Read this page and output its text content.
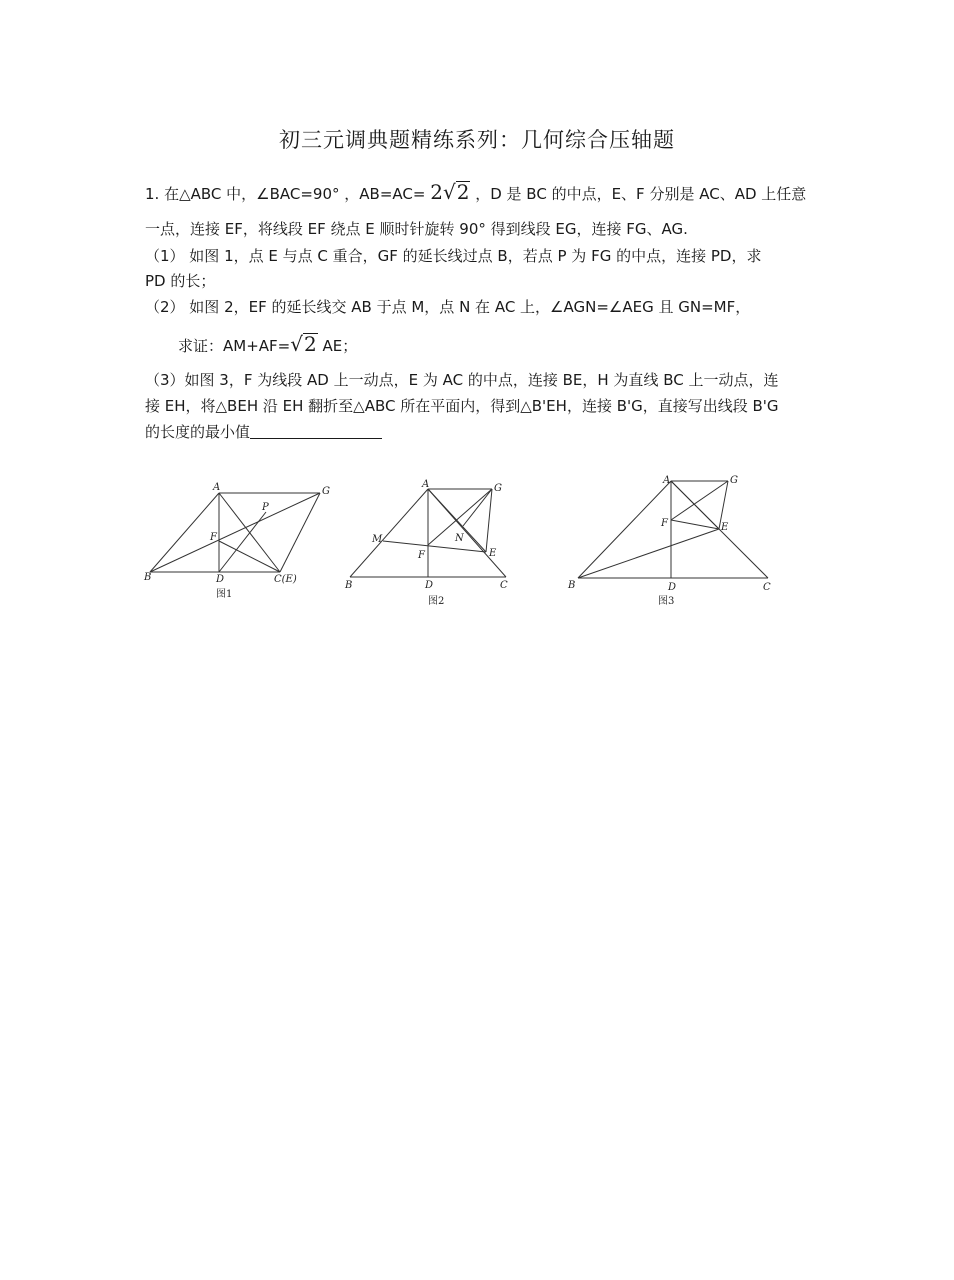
初三元调典题精练系列：几何综合压轴题
1. 在△ABC 中，∠BAC=90° ，AB=AC= 2√2 ，D 是 BC 的中点，E、F 分别是 AC、AD 上任意
一点，连接 EF，将线段 EF 绕点 E 顺时针旋转 90° 得到线段 EG，连接 FG、AG.
（1） 如图 1，点 E 与点 C 重合，GF 的延长线过点 B，若点 P 为 FG 的中点，连接 PD，求
PD 的长；
（2） 如图 2，EF 的延长线交 AB 于点 M，点 N 在 AC 上，∠AGN=∠AEG 且 GN=MF，
求证：AM+AF=√2 AE；
（3）如图 3，F 为线段 AD 上一动点，E 为 AC 的中点，连接 BE，H 为直线 BC 上一动点，连
接 EH，将△BEH 沿 EH 翻折至△ABC 所在平面内，得到△B'EH，连接 B'G，直接写出线段 B'G
的长度的最小值
A	G
P
F
B	D	C(E)
图1
A	G
M	N
F	E
B	D	C
图2
A	G
F	E
B	D	C
图3
